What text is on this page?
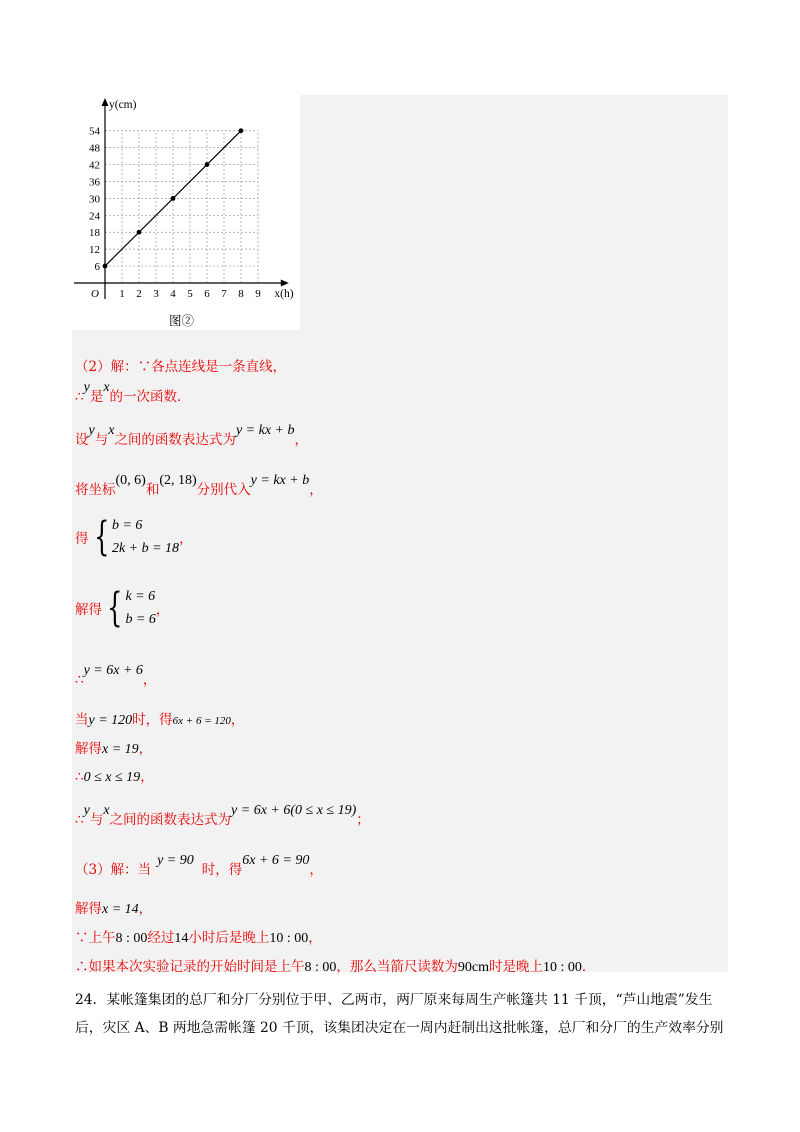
1 2 3 4 5 6 7 8 9
6
12
18
24
30
36
42
48
54
O
y(cm)
x(h)
图②
（2）解：∵各点连线是一条直线，
∴y是x的一次函数．
设y与x之间的函数表达式为y = kx + b，
将坐标(0, 6)和(2, 18)分别代入y = kx + b，
得 { b = 6
2k + b = 18，
解得 { k = 6
b = 6，
∴y = 6x + 6，
当y = 120时，得6x + 6 = 120，
解得x = 19，
∴0 ≤ x ≤ 19，
∴y与x之间的函数表达式为y = 6x + 6(0 ≤ x ≤ 19)；
（3）解：当y = 90时，得6x + 6 = 90，
解得x = 14，
∵上午8 : 00经过14小时后是晚上10 : 00，
∴如果本次实验记录的开始时间是上午8 : 00，那么当箭尺读数为90cm时是晚上10 : 00．
24．某帐篷集团的总厂和分厂分别位于甲、乙两市，两厂原来每周生产帐篷共 11 千顶，“芦山地震”发生
后，灾区 A、B 两地急需帐篷 20 千顶，该集团决定在一周内赶制出这批帐篷，总厂和分厂的生产效率分别
